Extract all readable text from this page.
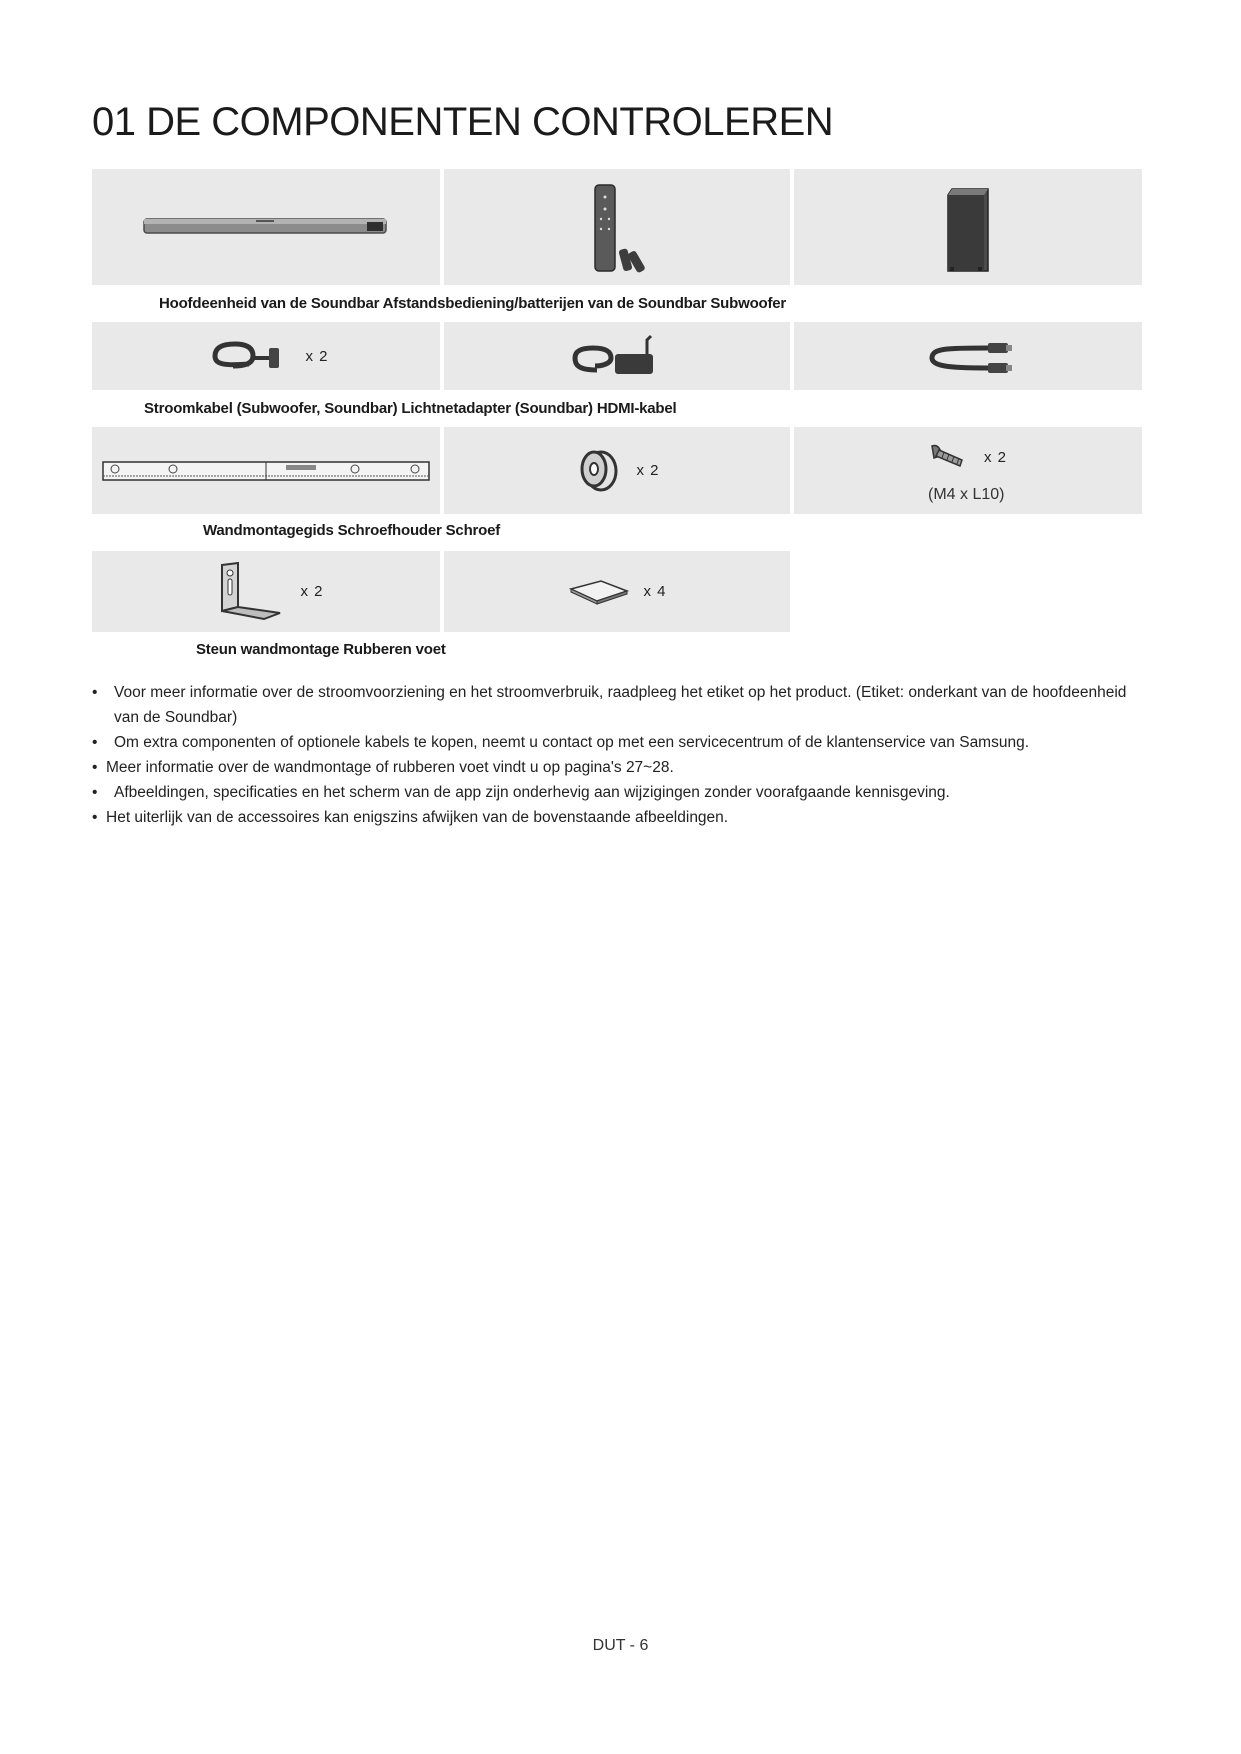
01 DE COMPONENTEN CONTROLEREN
Hoofdeenheid van de Soundbar Afstandsbediening/batterijen van de Soundbar Subwoofer
x 2
Stroomkabel (Subwoofer, Soundbar) Lichtnetadapter (Soundbar) HDMI-kabel
x 2
x 2
(M4 x L10)
Wandmontagegids Schroefhouder Schroef
x 2	x 4
Steun wandmontage Rubberen voet
• Voor meer informatie over de stroomvoorziening en het stroomverbruik, raadpleeg het etiket op het product. (Etiket: onderkant van de hoofdeenheid van de Soundbar)
• Om extra componenten of optionele kabels te kopen, neemt u contact op met een servicecentrum of de klantenservice van Samsung.
• Meer informatie over de wandmontage of rubberen voet vindt u op pagina's 27~28.
• Afbeeldingen, specificaties en het scherm van de app zijn onderhevig aan wijzigingen zonder voorafgaande kennisgeving.
• Het uiterlijk van de accessoires kan enigszins afwijken van de bovenstaande afbeeldingen.
DUT - 6
